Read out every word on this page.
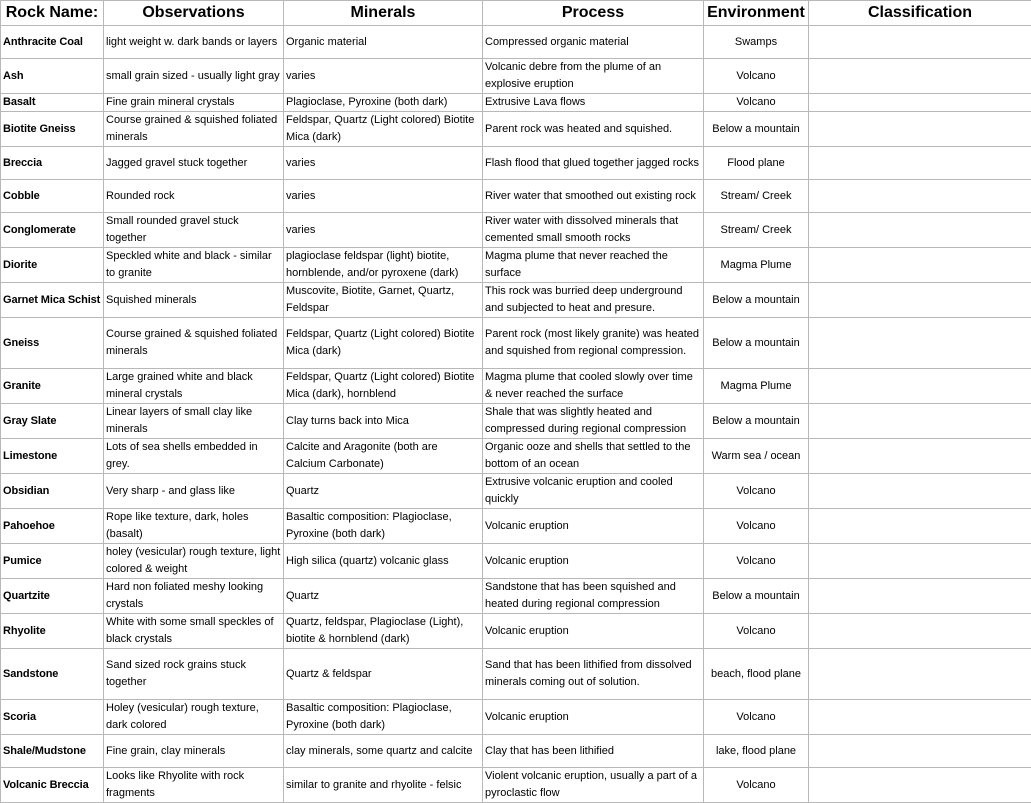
Rock Name:	Observations	Minerals	Process	Environment	Classification
Anthracite Coal	light weight w. dark bands or layers	Organic material	Compressed organic material	Swamps	
Ash	small grain sized - usually light gray	varies	Volcanic debre from the plume of an explosive eruption	Volcano	
Basalt	Fine grain mineral crystals	Plagioclase, Pyroxine (both dark)	Extrusive Lava flows	Volcano	
Biotite Gneiss	Course grained & squished foliated minerals	Feldspar, Quartz (Light colored) Biotite Mica (dark)	Parent rock was heated and squished.	Below a mountain	
Breccia	Jagged gravel stuck together	varies	Flash flood that glued together jagged rocks	Flood plane	
Cobble	Rounded rock	varies	River water that smoothed out existing rock	Stream/ Creek	
Conglomerate	Small rounded gravel stuck together	varies	River water with dissolved minerals that cemented small smooth rocks	Stream/ Creek	
Diorite	Speckled white and black - similar to granite	plagioclase feldspar (light) biotite, hornblende, and/or pyroxene (dark)	Magma plume that never reached the surface	Magma Plume	
Garnet Mica Schist	Squished minerals	Muscovite, Biotite, Garnet, Quartz, Feldspar	This rock was burried deep underground and subjected to heat and presure.	Below a mountain	
Gneiss	Course grained & squished foliated minerals	Feldspar, Quartz (Light colored) Biotite Mica (dark)	Parent rock (most likely granite) was heated and squished from regional compression.	Below a mountain	
Granite	Large grained white and black mineral crystals	Feldspar, Quartz (Light colored) Biotite Mica (dark), hornblend	Magma plume that cooled slowly over time & never reached the surface	Magma Plume	
Gray Slate	Linear layers of small clay like minerals	Clay turns back into Mica	Shale that was slightly heated and compressed during regional compression	Below a mountain	
Limestone	Lots of sea shells embedded in grey.	Calcite and Aragonite (both are Calcium Carbonate)	Organic ooze and shells that settled to the bottom of an ocean	Warm sea / ocean	
Obsidian	Very sharp - and glass like	Quartz	Extrusive volcanic eruption and cooled quickly	Volcano	
Pahoehoe	Rope like texture, dark, holes (basalt)	Basaltic composition: Plagioclase, Pyroxine (both dark)	Volcanic eruption	Volcano	
Pumice	holey (vesicular) rough texture, light colored & weight	High silica (quartz) volcanic glass	Volcanic eruption	Volcano	
Quartzite	Hard non foliated meshy looking crystals	Quartz	Sandstone that has been squished and heated during regional compression	Below a mountain	
Rhyolite	White with some small speckles of black crystals	Quartz, feldspar, Plagioclase (Light), biotite & hornblend (dark)	Volcanic eruption	Volcano	
Sandstone	Sand sized rock grains stuck together	Quartz & feldspar	Sand that has been lithified from dissolved minerals coming out of solution.	beach, flood plane	
Scoria	Holey (vesicular) rough texture, dark colored	Basaltic composition: Plagioclase, Pyroxine (both dark)	Volcanic eruption	Volcano	
Shale/Mudstone	Fine grain, clay minerals	clay minerals, some quartz and calcite	Clay that has been lithified	lake, flood plane	
Volcanic Breccia	Looks like Rhyolite with rock fragments	similar to granite and rhyolite - felsic	Violent volcanic eruption, usually a part of a pyroclastic flow	Volcano	
